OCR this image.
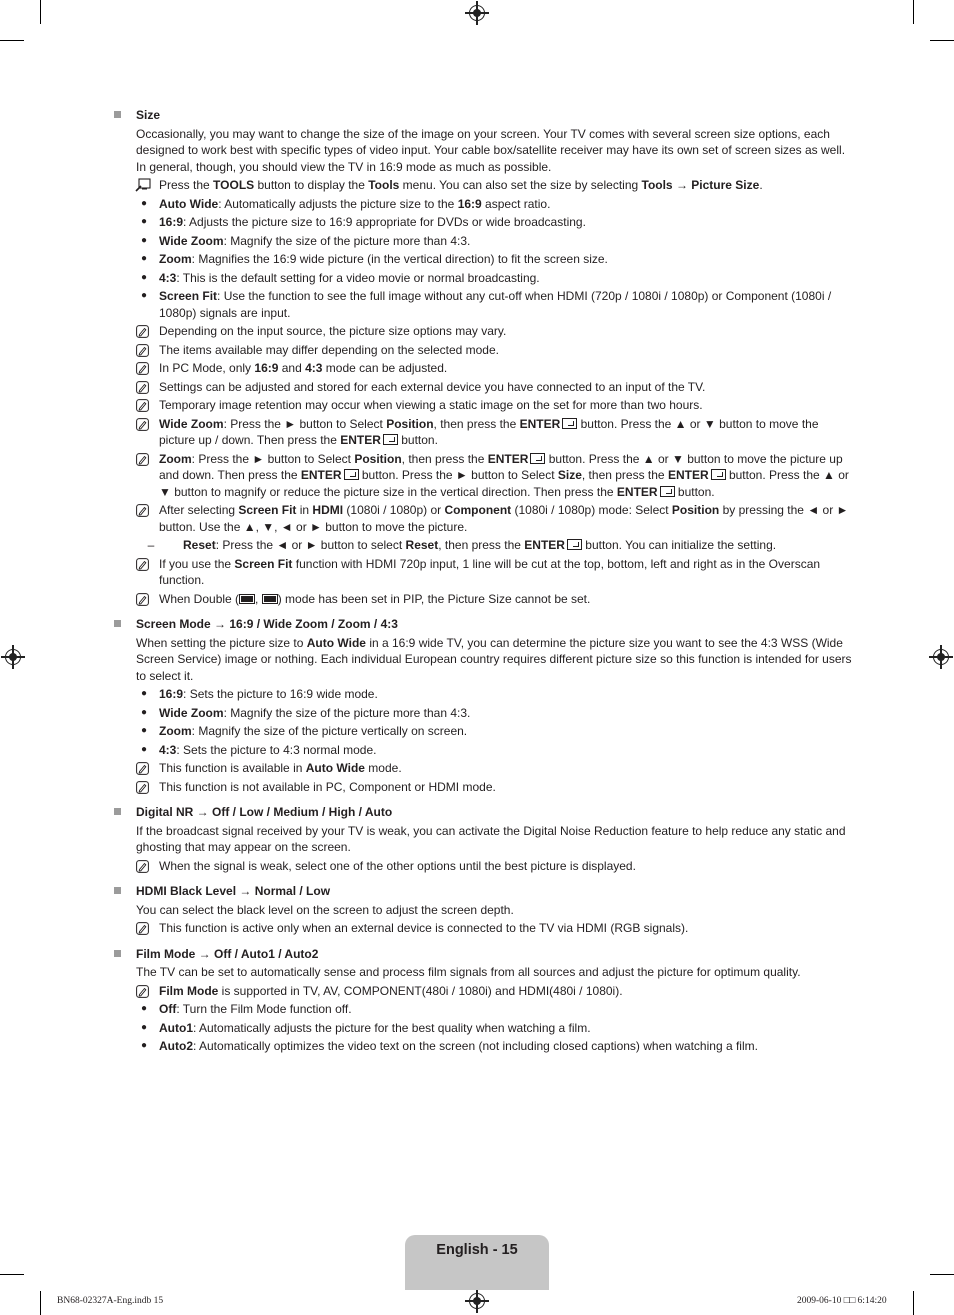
Size
Occasionally, you may want to change the size of the image on your screen. Your TV comes with several screen size options, each designed to work best with specific types of video input. Your cable box/satellite receiver may have its own set of screen sizes as well. In general, though, you should view the TV in 16:9 mode as much as possible.
Press the TOOLS button to display the Tools menu. You can also set the size by selecting Tools → Picture Size.
● Auto Wide: Automatically adjusts the picture size to the 16:9 aspect ratio.
● 16:9: Adjusts the picture size to 16:9 appropriate for DVDs or wide broadcasting.
● Wide Zoom: Magnify the size of the picture more than 4:3.
● Zoom: Magnifies the 16:9 wide picture (in the vertical direction) to fit the screen size.
● 4:3: This is the default setting for a video movie or normal broadcasting.
● Screen Fit: Use the function to see the full image without any cut-off when HDMI (720p / 1080i / 1080p) or Component (1080i / 1080p) signals are input.
Depending on the input source, the picture size options may vary.
The items available may differ depending on the selected mode.
In PC Mode, only 16:9 and 4:3 mode can be adjusted.
Settings can be adjusted and stored for each external device you have connected to an input of the TV.
Temporary image retention may occur when viewing a static image on the set for more than two hours.
Wide Zoom: Press the ► button to Select Position, then press the ENTER button. Press the ▲ or ▼ button to move the picture up / down. Then press the ENTER button.
Zoom: Press the ► button to Select Position, then press the ENTER button. Press the ▲ or ▼ button to move the picture up and down. Then press the ENTER button. Press the ► button to Select Size, then press the ENTER button. Press the ▲ or ▼ button to magnify or reduce the picture size in the vertical direction. Then press the ENTER button.
After selecting Screen Fit in HDMI (1080i / 1080p) or Component (1080i / 1080p) mode: Select Position by pressing the ◄ or ► button. Use the ▲, ▼, ◄ or ► button to move the picture.
–	Reset: Press the ◄ or ► button to select Reset, then press the ENTER button. You can initialize the setting.
If you use the Screen Fit function with HDMI 720p input, 1 line will be cut at the top, bottom, left and right as in the Overscan function.
When Double ( , ) mode has been set in PIP, the Picture Size cannot be set.
Screen Mode → 16:9 / Wide Zoom / Zoom / 4:3
When setting the picture size to Auto Wide in a 16:9 wide TV, you can determine the picture size you want to see the 4:3 WSS (Wide Screen Service) image or nothing. Each individual European country requires different picture size so this function is intended for users to select it.
● 16:9: Sets the picture to 16:9 wide mode.
● Wide Zoom: Magnify the size of the picture more than 4:3.
● Zoom: Magnify the size of the picture vertically on screen.
● 4:3: Sets the picture to 4:3 normal mode.
This function is available in Auto Wide mode.
This function is not available in PC, Component or HDMI mode.
Digital NR → Off / Low / Medium / High / Auto
If the broadcast signal received by your TV is weak, you can activate the Digital Noise Reduction feature to help reduce any static and ghosting that may appear on the screen.
When the signal is weak, select one of the other options until the best picture is displayed.
HDMI Black Level → Normal / Low
You can select the black level on the screen to adjust the screen depth.
This function is active only when an external device is connected to the TV via HDMI (RGB signals).
Film Mode → Off / Auto1 / Auto2
The TV can be set to automatically sense and process film signals from all sources and adjust the picture for optimum quality.
Film Mode is supported in TV, AV, COMPONENT(480i / 1080i) and HDMI(480i / 1080i).
● Off: Turn the Film Mode function off.
● Auto1: Automatically adjusts the picture for the best quality when watching a film.
● Auto2: Automatically optimizes the video text on the screen (not including closed captions) when watching a film.
English - 15
BN68-02327A-Eng.indb 15	2009-06-10 □□ 6:14:20
